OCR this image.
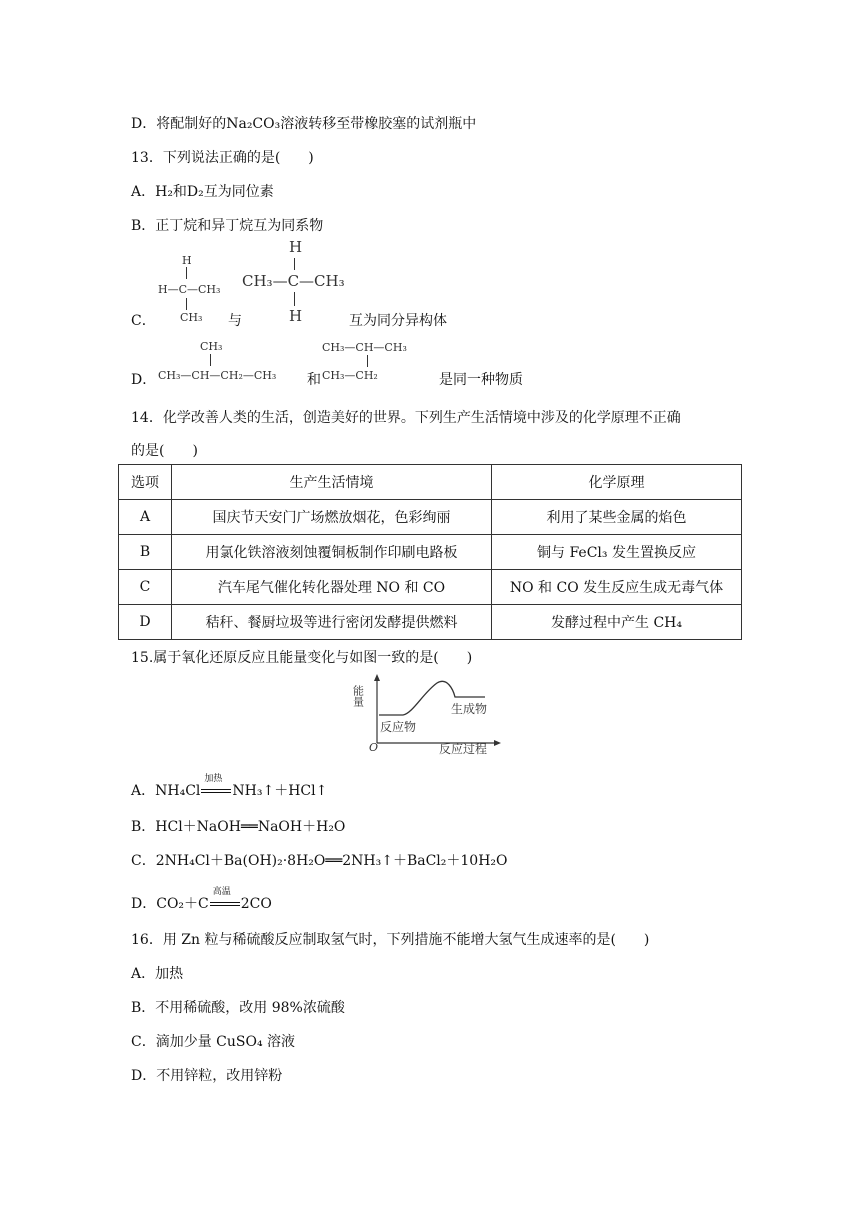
D．将配制好的Na₂CO₃溶液转移至带橡胶塞的试剂瓶中
13．下列说法正确的是(　　)
A．H₂和D₂互为同位素
B．正丁烷和异丁烷互为同系物
C．
H
H—C—CH₃
CH₃ 与
H
CH₃—C—CH₃
H	互为同分异构体
D．
CH₃
CH₃—CH—CH₂—CH₃ 和
CH₃—CH—CH₃
CH₃—CH₂	是同一种物质
14．化学改善人类的生活，创造美好的世界。下列生产生活情境中涉及的化学原理不正确
的是(　　)
选项	生产生活情境	化学原理
A	国庆节天安门广场燃放烟花，色彩绚丽	利用了某些金属的焰色
B	用氯化铁溶液刻蚀覆铜板制作印刷电路板	铜与 FeCl₃ 发生置换反应
C	汽车尾气催化转化器处理 NO 和 CO	NO 和 CO 发生反应生成无毒气体
D	秸秆、餐厨垃圾等进行密闭发酵提供燃料	发酵过程中产生 CH₄
15.属于氧化还原反应且能量变化与如图一致的是(　　)
能量
反应物
生成物
O	反应过程
A．NH₄Cl
加热
NH₃↑＋HCl↑
B．HCl＋NaOH══NaOH＋H₂O
C．2NH₄Cl＋Ba(OH)₂·8H₂O══2NH₃↑＋BaCl₂＋10H₂O
D．CO₂＋C
高温
2CO
16．用 Zn 粒与稀硫酸反应制取氢气时，下列措施不能增大氢气生成速率的是(　　)
A．加热
B．不用稀硫酸，改用 98%浓硫酸
C．滴加少量 CuSO₄ 溶液
D．不用锌粒，改用锌粉
